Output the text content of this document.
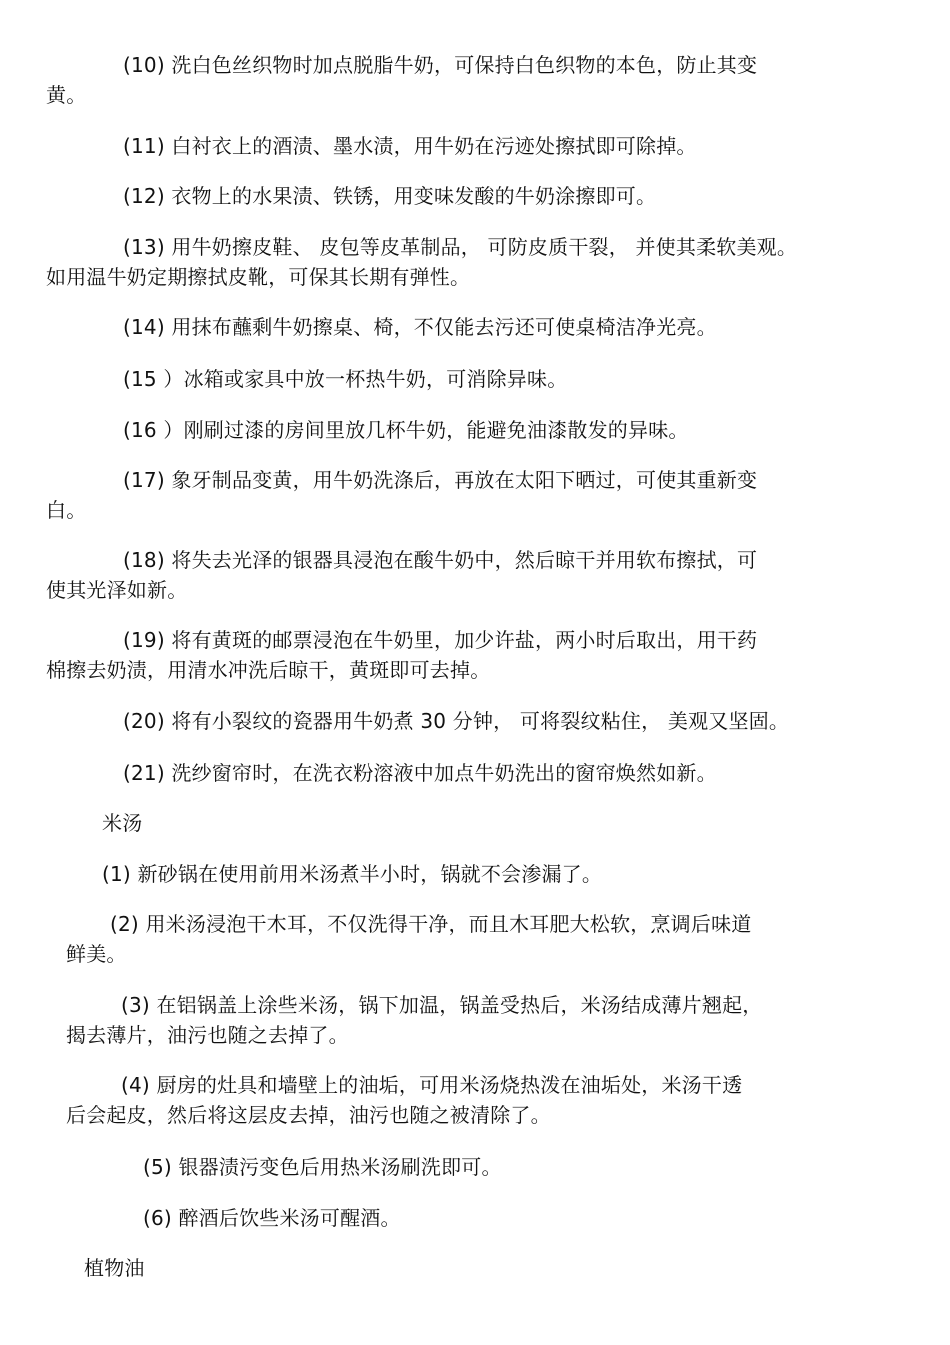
(10) 洗白色丝织物时加点脱脂牛奶，可保持白色织物的本色，防止其变
黄。
(11) 白衬衣上的酒渍、墨水渍，用牛奶在污迹处擦拭即可除掉。
(12) 衣物上的水果渍、铁锈，用变味发酸的牛奶涂擦即可。
(13) 用牛奶擦皮鞋、 皮包等皮革制品， 可防皮质干裂， 并使其柔软美观。
如用温牛奶定期擦拭皮靴，可保其长期有弹性。
(14) 用抹布蘸剩牛奶擦桌、椅，不仅能去污还可使桌椅洁净光亮。
(15 ）冰箱或家具中放一杯热牛奶，可消除异味。
(16 ）刚刷过漆的房间里放几杯牛奶，能避免油漆散发的异味。
(17) 象牙制品变黄，用牛奶洗涤后，再放在太阳下晒过，可使其重新变
白。
(18) 将失去光泽的银器具浸泡在酸牛奶中，然后晾干并用软布擦拭，可
使其光泽如新。
(19) 将有黄斑的邮票浸泡在牛奶里，加少许盐，两小时后取出，用干药
棉擦去奶渍，用清水冲洗后晾干，黄斑即可去掉。
(20) 将有小裂纹的瓷器用牛奶煮 30 分钟， 可将裂纹粘住， 美观又坚固。
(21) 洗纱窗帘时，在洗衣粉溶液中加点牛奶洗出的窗帘焕然如新。
米汤
(1) 新砂锅在使用前用米汤煮半小时，锅就不会渗漏了。
(2) 用米汤浸泡干木耳，不仅洗得干净，而且木耳肥大松软，烹调后味道
鲜美。
(3) 在铝锅盖上涂些米汤，锅下加温，锅盖受热后，米汤结成薄片翘起，
揭去薄片，油污也随之去掉了。
(4) 厨房的灶具和墙壁上的油垢，可用米汤烧热泼在油垢处，米汤干透
后会起皮，然后将这层皮去掉，油污也随之被清除了。
(5) 银器渍污变色后用热米汤刷洗即可。
(6) 醉酒后饮些米汤可醒酒。
植物油
